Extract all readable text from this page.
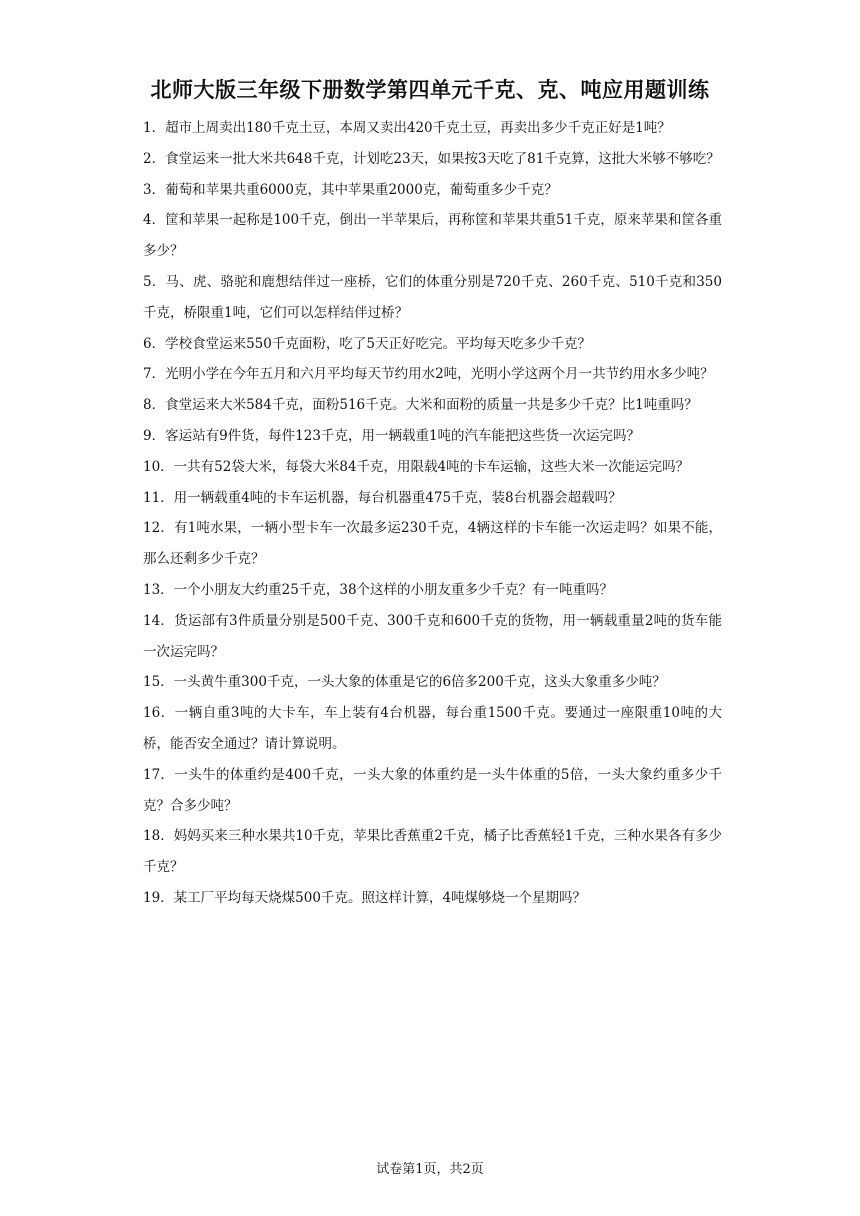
北师大版三年级下册数学第四单元千克、克、吨应用题训练
1．超市上周卖出180千克土豆，本周又卖出420千克土豆，再卖出多少千克正好是1吨？
2．食堂运来一批大米共648千克，计划吃23天，如果按3天吃了81千克算，这批大米够不够吃？
3．葡萄和苹果共重6000克，其中苹果重2000克，葡萄重多少千克？
4．筐和苹果一起称是100千克，倒出一半苹果后，再称筐和苹果共重51千克，原来苹果和筐各重多少？
5．马、虎、骆驼和鹿想结伴过一座桥，它们的体重分别是720千克、260千克、510千克和350千克，桥限重1吨，它们可以怎样结伴过桥？
6．学校食堂运来550千克面粉，吃了5天正好吃完。平均每天吃多少千克？
7．光明小学在今年五月和六月平均每天节约用水2吨，光明小学这两个月一共节约用水多少吨？
8．食堂运来大米584千克，面粉516千克。大米和面粉的质量一共是多少千克？比1吨重吗？
9．客运站有9件货，每件123千克，用一辆载重1吨的汽车能把这些货一次运完吗？
10．一共有52袋大米，每袋大米84千克，用限载4吨的卡车运输，这些大米一次能运完吗？
11．用一辆载重4吨的卡车运机器，每台机器重475千克，装8台机器会超载吗？
12．有1吨水果，一辆小型卡车一次最多运230千克，4辆这样的卡车能一次运走吗？如果不能，那么还剩多少千克？
13．一个小朋友大约重25千克，38个这样的小朋友重多少千克？有一吨重吗？
14．货运部有3件质量分别是500千克、300千克和600千克的货物，用一辆载重量2吨的货车能一次运完吗？
15．一头黄牛重300千克，一头大象的体重是它的6倍多200千克，这头大象重多少吨？
16．一辆自重3吨的大卡车，车上装有4台机器，每台重1500千克。要通过一座限重10吨的大桥，能否安全通过？请计算说明。
17．一头牛的体重约是400千克，一头大象的体重约是一头牛体重的5倍，一头大象约重多少千克？合多少吨？
18．妈妈买来三种水果共10千克，苹果比香蕉重2千克，橘子比香蕉轻1千克，三种水果各有多少千克？
19．某工厂平均每天烧煤500千克。照这样计算，4吨煤够烧一个星期吗？
试卷第1页，共2页
